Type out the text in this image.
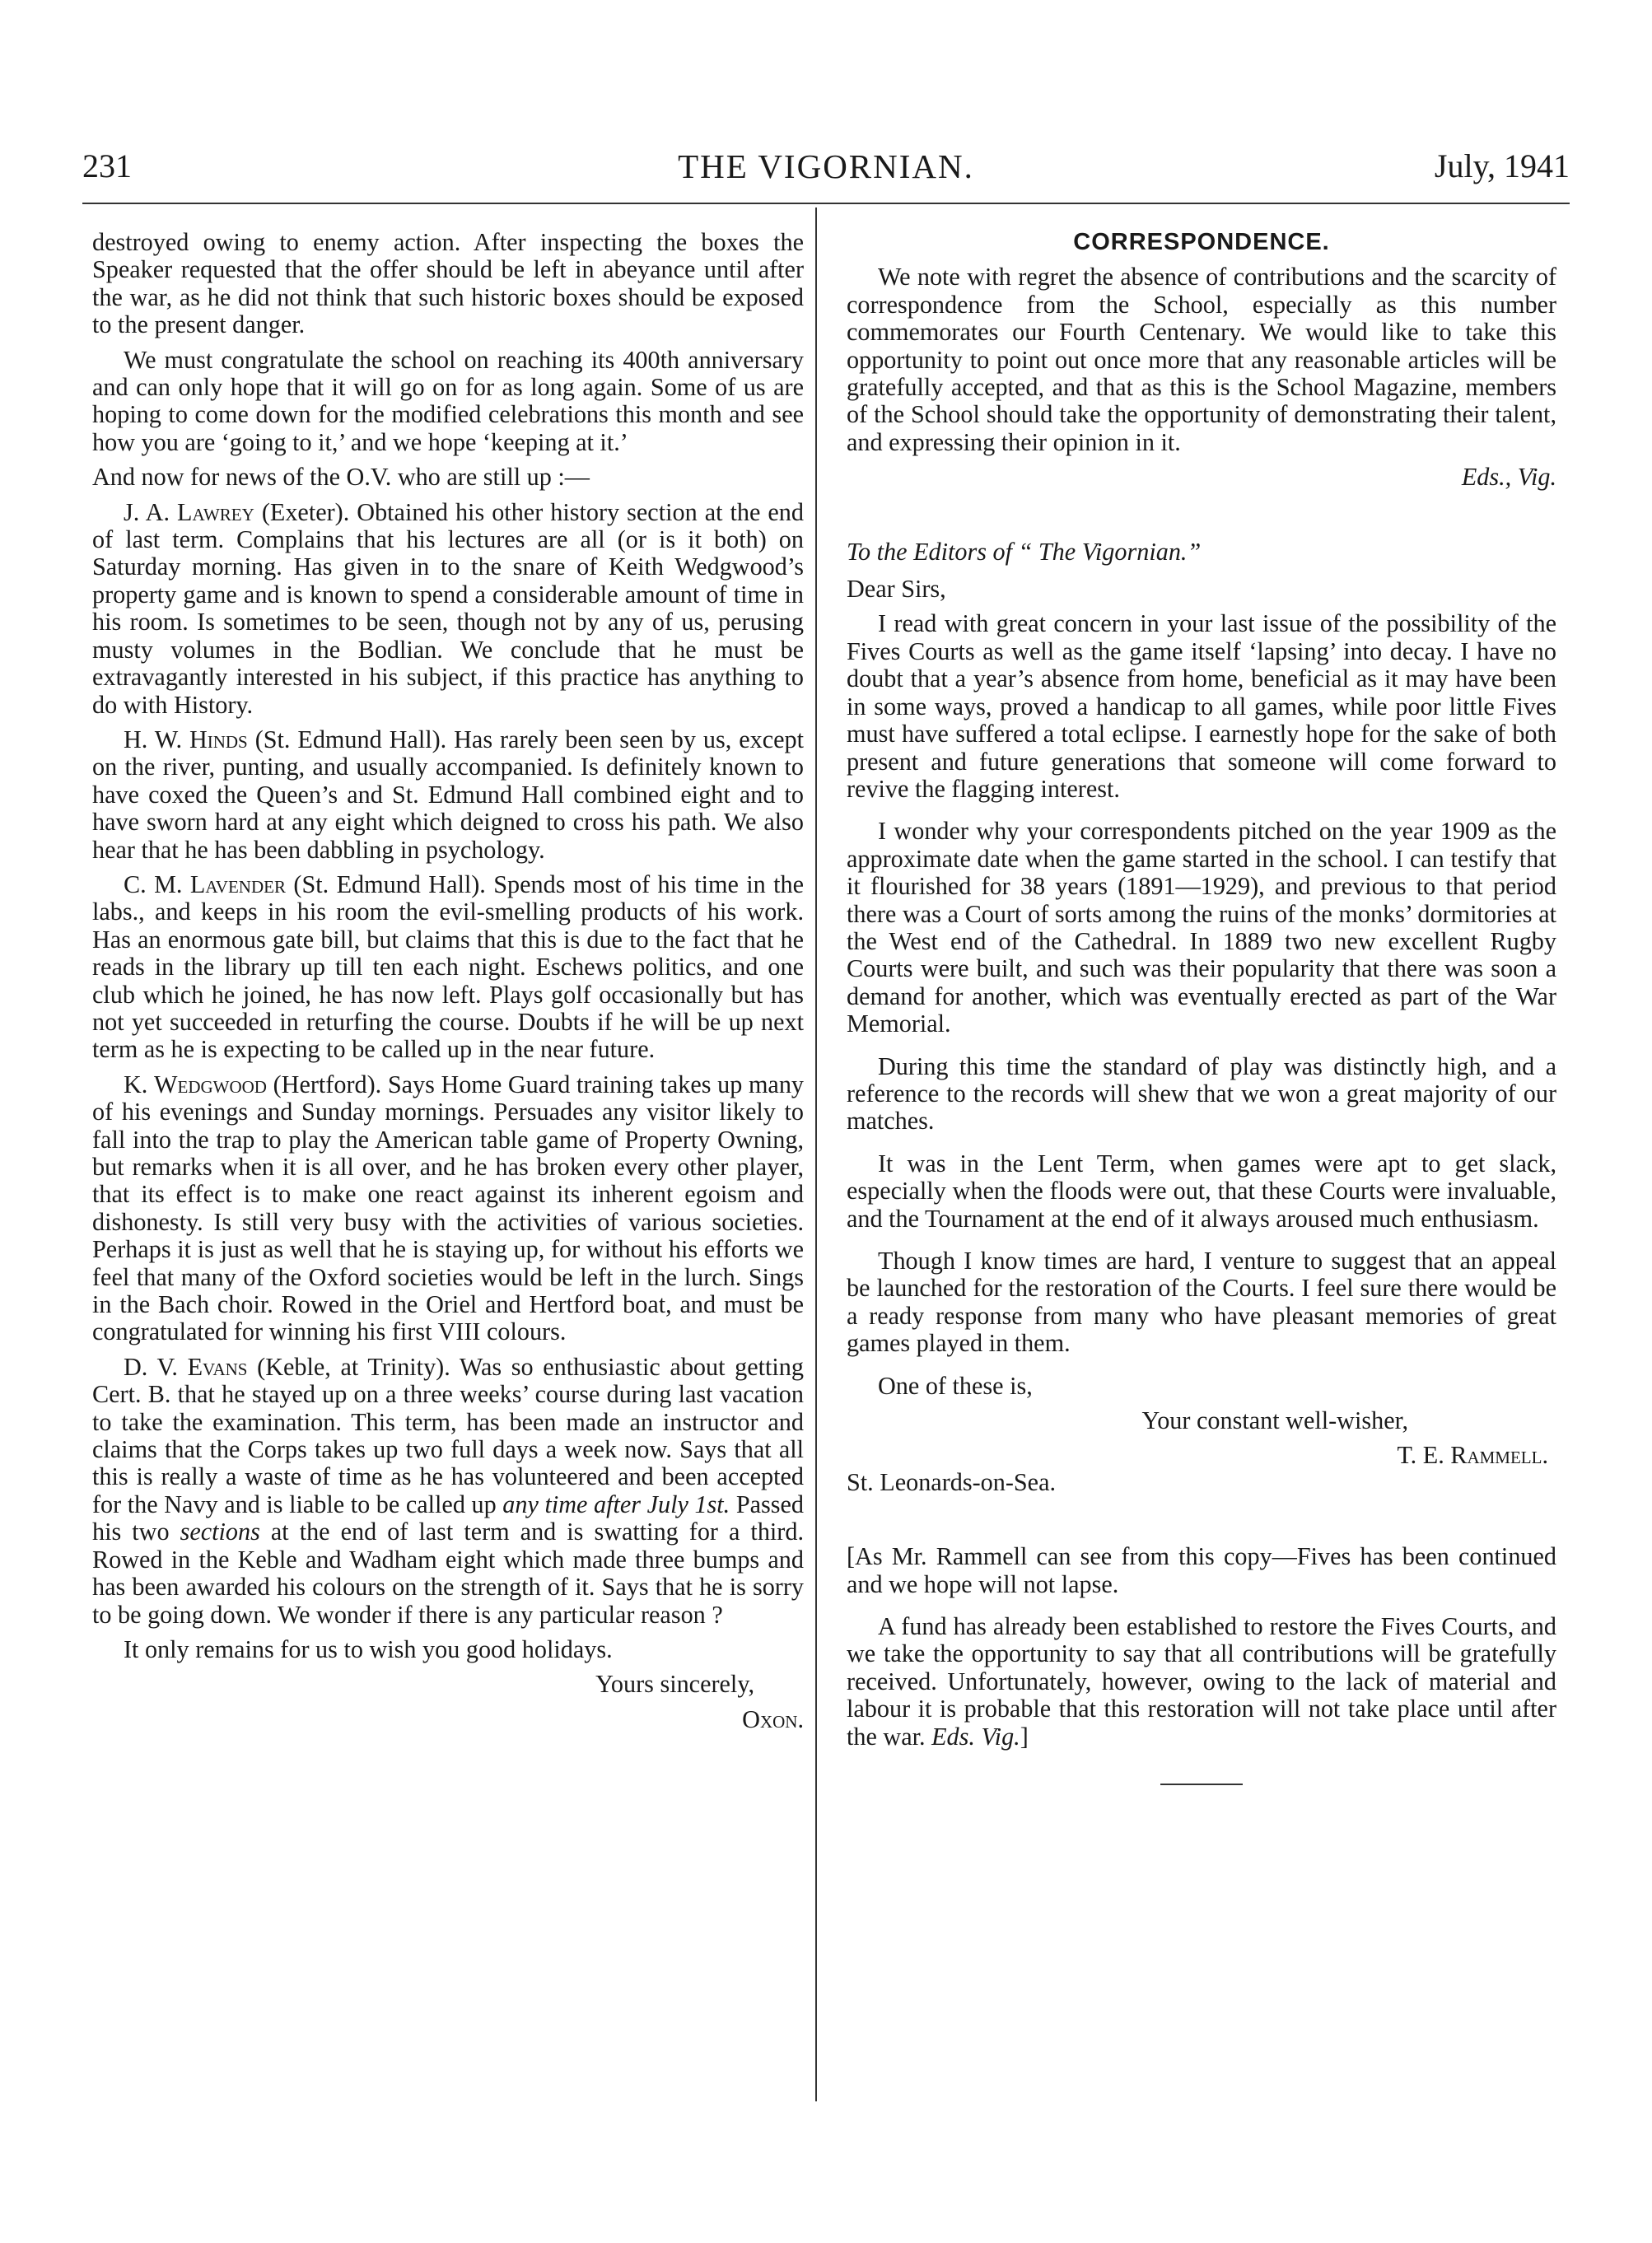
231	THE VIGORNIAN.	July, 1941

destroyed owing to enemy action. After inspecting the boxes the Speaker requested that the offer should be left in abeyance until after the war, as he did not think that such historic boxes should be exposed to the present danger.

We must congratulate the school on reaching its 400th anniversary and can only hope that it will go on for as long again. Some of us are hoping to come down for the modified celebrations this month and see how you are ‘going to it,’ and we hope ‘keeping at it.’

And now for news of the O.V. who are still up :—

J. A. Lawrey (Exeter). Obtained his other history section at the end of last term. Complains that his lectures are all (or is it both) on Saturday morning. Has given in to the snare of Keith Wedgwood’s property game and is known to spend a considerable amount of time in his room. Is sometimes to be seen, though not by any of us, perusing musty volumes in the Bodlian. We conclude that he must be extravagantly interested in his subject, if this practice has anything to do with History.

H. W. Hinds (St. Edmund Hall). Has rarely been seen by us, except on the river, punting, and usually accompanied. Is definitely known to have coxed the Queen’s and St. Edmund Hall combined eight and to have sworn hard at any eight which deigned to cross his path. We also hear that he has been dabbling in psychology.

C. M. Lavender (St. Edmund Hall). Spends most of his time in the labs., and keeps in his room the evil-smelling products of his work. Has an enormous gate bill, but claims that this is due to the fact that he reads in the library up till ten each night. Eschews politics, and one club which he joined, he has now left. Plays golf occasionally but has not yet succeeded in returfing the course. Doubts if he will be up next term as he is expecting to be called up in the near future.

K. Wedgwood (Hertford). Says Home Guard training takes up many of his evenings and Sunday mornings. Persuades any visitor likely to fall into the trap to play the American table game of Property Owning, but remarks when it is all over, and he has broken every other player, that its effect is to make one react against its inherent egoism and dishonesty. Is still very busy with the activities of various societies. Perhaps it is just as well that he is staying up, for without his efforts we feel that many of the Oxford societies would be left in the lurch. Sings in the Bach choir. Rowed in the Oriel and Hertford boat, and must be congratulated for winning his first VIII colours.

D. V. Evans (Keble, at Trinity). Was so enthusiastic about getting Cert. B. that he stayed up on a three weeks’ course during last vacation to take the examination. This term, has been made an instructor and claims that the Corps takes up two full days a week now. Says that all this is really a waste of time as he has volunteered and been accepted for the Navy and is liable to be called up any time after July 1st. Passed his two sections at the end of last term and is swatting for a third. Rowed in the Keble and Wadham eight which made three bumps and has been awarded his colours on the strength of it. Says that he is sorry to be going down. We wonder if there is any particular reason ?

It only remains for us to wish you good holidays.

Yours sincerely,

Oxon.

CORRESPONDENCE.

We note with regret the absence of contributions and the scarcity of correspondence from the School, especially as this number commemorates our Fourth Centenary. We would like to take this opportunity to point out once more that any reasonable articles will be gratefully accepted, and that as this is the School Magazine, members of the School should take the opportunity of demonstrating their talent, and expressing their opinion in it.

Eds., Vig.

To the Editors of “ The Vigornian.”

Dear Sirs,

I read with great concern in your last issue of the possibility of the Fives Courts as well as the game itself ‘lapsing’ into decay. I have no doubt that a year’s absence from home, beneficial as it may have been in some ways, proved a handicap to all games, while poor little Fives must have suffered a total eclipse. I earnestly hope for the sake of both present and future generations that someone will come forward to revive the flagging interest.

I wonder why your correspondents pitched on the year 1909 as the approximate date when the game started in the school. I can testify that it flourished for 38 years (1891—1929), and previous to that period there was a Court of sorts among the ruins of the monks’ dormitories at the West end of the Cathedral. In 1889 two new excellent Rugby Courts were built, and such was their popularity that there was soon a demand for another, which was eventually erected as part of the War Memorial.

During this time the standard of play was distinctly high, and a reference to the records will shew that we won a great majority of our matches.

It was in the Lent Term, when games were apt to get slack, especially when the floods were out, that these Courts were invaluable, and the Tournament at the end of it always aroused much enthusiasm.

Though I know times are hard, I venture to suggest that an appeal be launched for the restoration of the Courts. I feel sure there would be a ready response from many who have pleasant memories of great games played in them.

One of these is,

Your constant well-wisher,

T. E. Rammell.

St. Leonards-on-Sea.

[As Mr. Rammell can see from this copy—Fives has been continued and we hope will not lapse.

A fund has already been established to restore the Fives Courts, and we take the opportunity to say that all contributions will be gratefully received. Unfortunately, however, owing to the lack of material and labour it is probable that this restoration will not take place until after the war. Eds. Vig.]
